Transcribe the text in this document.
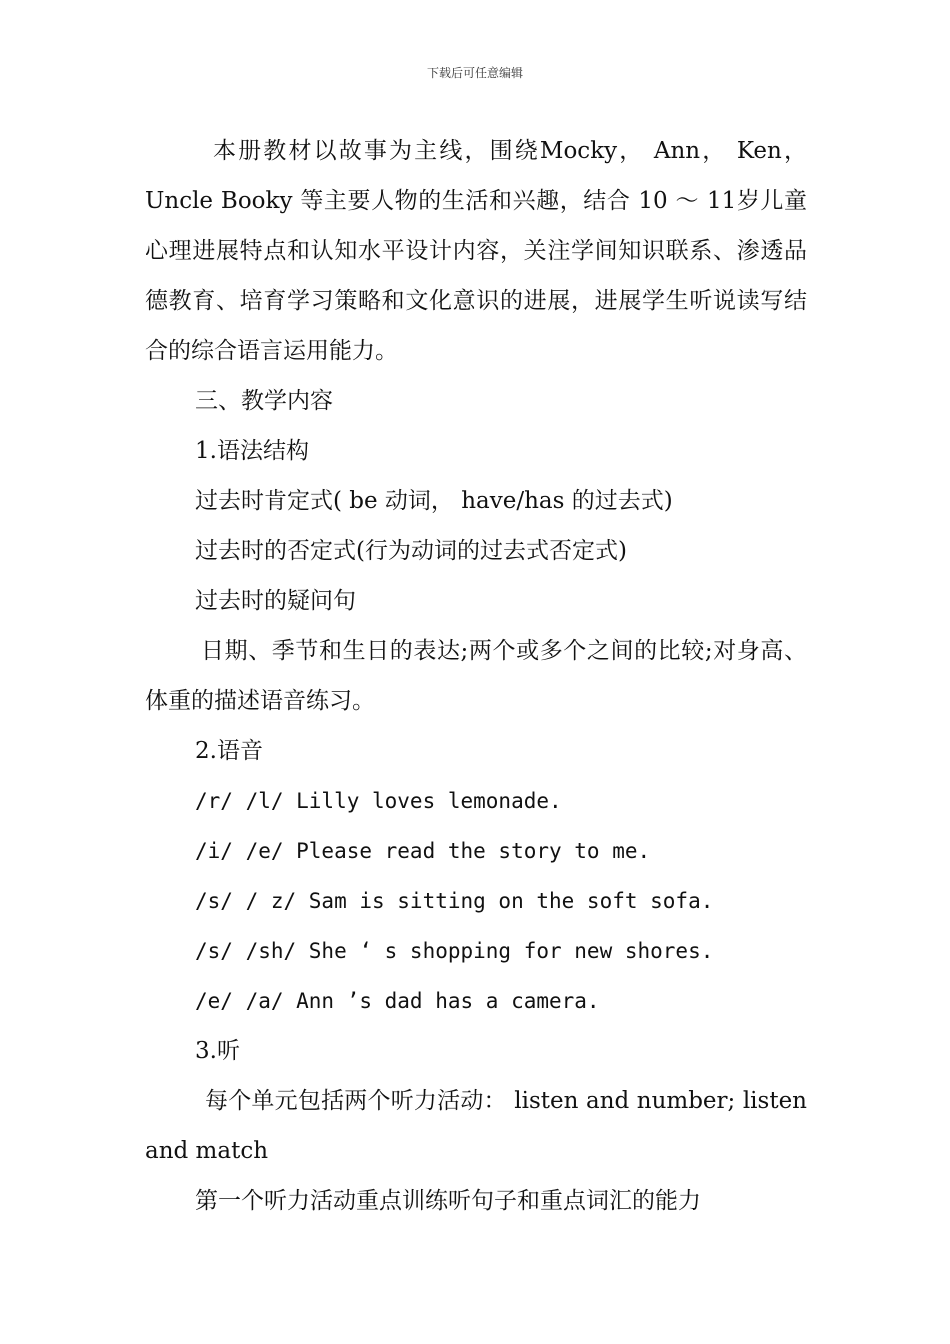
下载后可任意编辑

本册教材以故事为主线，围绕Mocky， Ann， Ken， Uncle Booky 等主要人物的生活和兴趣，结合 10 ～ 11岁儿童心理进展特点和认知水平设计内容，关注学间知识联系、渗透品德教育、培育学习策略和文化意识的进展，进展学生听说读写结合的综合语言运用能力。

三、教学内容

1.语法结构

过去时肯定式( be 动词， have/has 的过去式)

过去时的否定式(行为动词的过去式否定式)

过去时的疑问句

日期、季节和生日的表达;两个或多个之间的比较;对身高、体重的描述语音练习。

2.语音

/r/ /l/ Lilly loves lemonade.

/i/ /e/ Please read the story to me.

/s/ / z/ Sam is sitting on the soft sofa.

/s/ /sh/ She ‘ s shopping for new shores.

/e/ /a/ Ann ’s dad has a camera.

3.听

每个单元包括两个听力活动： listen and number; listen and match

第一个听力活动重点训练听句子和重点词汇的能力
